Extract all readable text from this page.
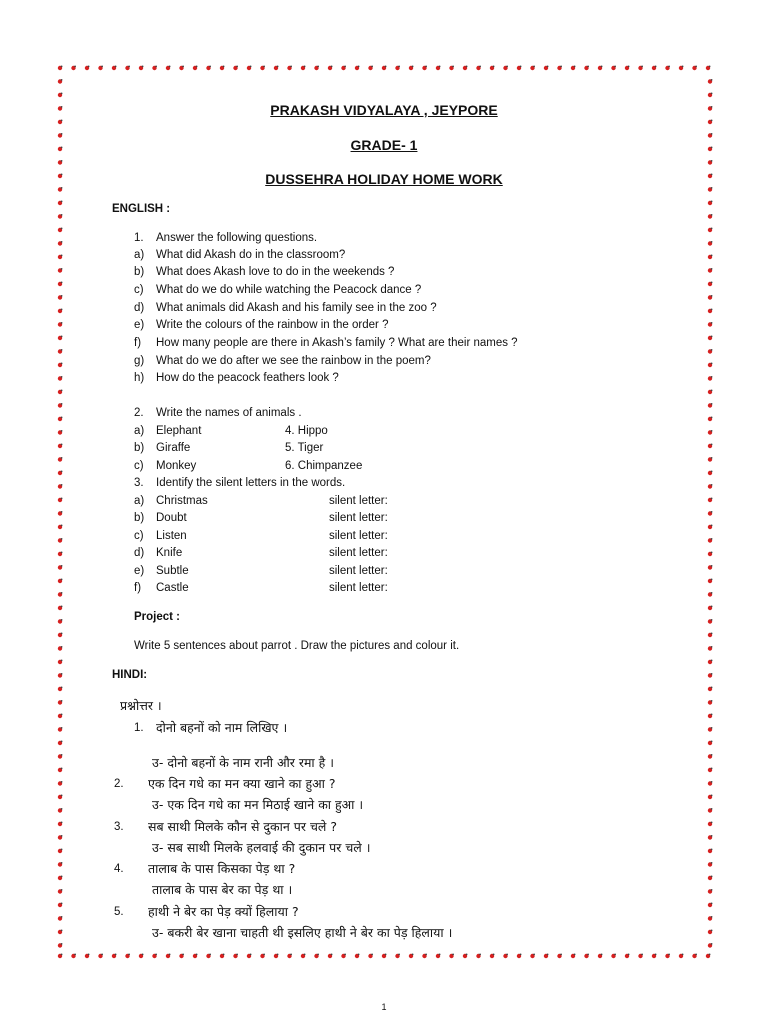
PRAKASH VIDYALAYA , JEYPORE
GRADE- 1
DUSSEHRA HOLIDAY HOME WORK
ENGLISH :
1. Answer the following questions.
a) What did Akash do in the classroom?
b) What does Akash love to do in the weekends ?
c) What do we do while watching the Peacock dance ?
d) What animals did Akash and his family see in the zoo ?
e) Write the colours of the rainbow in the order ?
f) How many people are there in Akash’s family ? What are their names ?
g) What do we do after we see the rainbow in the poem?
h) How do the peacock feathers look ?
2. Write the names of animals .
a) Elephant	4. Hippo
b) Giraffe	5. Tiger
c) Monkey	6. Chimpanzee
3. Identify the silent letters in the words.
a) Christmas	silent letter:
b) Doubt	silent letter:
c) Listen	silent letter:
d) Knife	silent letter:
e) Subtle	silent letter:
f) Castle	silent letter:
Project :
Write 5 sentences about parrot . Draw the pictures and colour it.
HINDI:
प्रश्नोत्तर ।
1. दोनो बहनों को नाम लिखिए ।
उ- दोनो बहनों के नाम रानी और रमा है ।
2. एक दिन गधे का मन क्या खाने का हुआ ?
उ- एक दिन गधे का मन मिठाई खाने का हुआ ।
3. सब साथी मिलके कौन से दुकान पर चले ?
उ- सब साथी मिलके हलवाई की दुकान पर चले ।
4. तालाब के पास किसका पेड़ था ?
तालाब के पास बेर का पेड़ था ।
5. हाथी ने बेर का पेड़ क्यों हिलाया ?
उ- बकरी बेर खाना चाहती थी इसलिए हाथी ने बेर का पेड़ हिलाया ।
1
